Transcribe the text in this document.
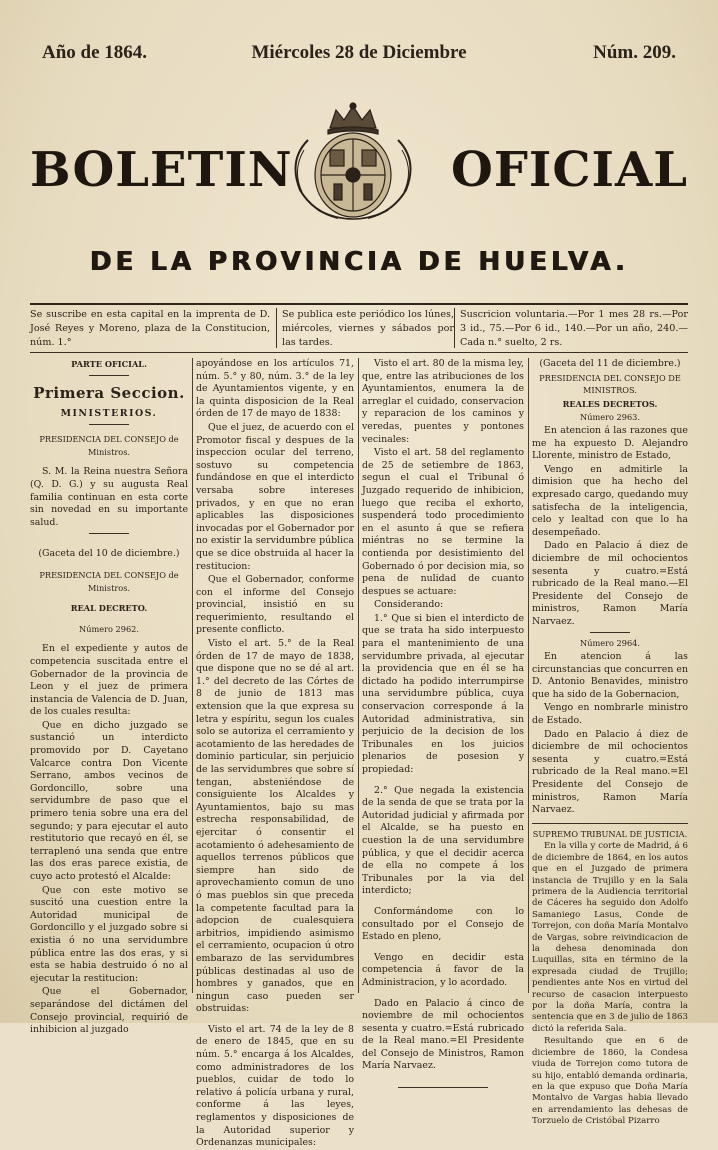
Año de 1864.	Miércoles 28 de Diciembre	Núm. 209.
BOLETIN	OFICIAL
DE LA PROVINCIA DE HUELVA.
Se suscribe en esta capital en la imprenta de D. José Reyes y Moreno, plaza de la Constitucion, núm. 1.°
Se publica este periódico los lúnes, miércoles, viernes y sábados por las tardes.
Suscricion voluntaria.—Por 1 mes 28 rs.—Por 3 id., 75.—Por 6 id., 140.—Por un año, 240.—Cada n.° suelto, 2 rs.

PARTE OFICIAL.

Primera Seccion.

MINISTERIOS.

PRESIDENCIA DEL CONSEJO de Ministros.

S. M. la Reina nuestra Señora (Q. D. G.) y su augusta Real familia continuan en esta corte sin novedad en su importante salud.

(Gaceta del 10 de diciembre.)

PRESIDENCIA DEL CONSEJO de Ministros.

REAL DECRETO.

Número 2962.

En el expediente y autos de competencia suscitada entre el Gobernador de la provincia de Leon y el juez de primera instancia de Valencia de D. Juan, de los cuales resulta:

Que en dicho juzgado se sustanció un interdicto promovido por D. Cayetano Valcarce contra Don Vicente Serrano, ambos vecinos de Gordoncillo, sobre una servidumbre de paso que el primero tenia sobre una era del segundo; y para ejecutar el auto restitutorio que recayó en él, se terraplenó una senda que entre las dos eras parece existia, de cuyo acto protestó el Alcalde:

Que con este motivo se suscitó una cuestion entre la Autoridad municipal de Gordoncillo y el juzgado sobre si existia ó no una servidumbre pública entre las dos eras, y si esta se habia destruido ó no al ejecutar la restitucion:

Que el Gobernador, separándose del dictámen del Consejo provincial, requirió de inhibicion al juzgado

apoyándose en los artículos 71, núm. 5.° y 80, núm. 3.° de la ley de Ayuntamientos vigente, y en la quinta disposicion de la Real órden de 17 de mayo de 1838:

Que el juez, de acuerdo con el Promotor fiscal y despues de la inspeccion ocular del terreno, sostuvo su competencia fundándose en que el interdicto versaba sobre intereses privados, y en que no eran aplicables las disposiciones invocadas por el Gobernador por no existir la servidumbre pública que se dice obstruida al hacer la restitucion:

Que el Gobernador, conforme con el informe del Consejo provincial, insistió en su requerimiento, resultando el presente conflicto.

Visto el art. 5.° de la Real órden de 17 de mayo de 1838, que dispone que no se dé al art. 1.° del decreto de las Córtes de 8 de junio de 1813 mas extension que la que expresa su letra y espíritu, segun los cuales solo se autoriza el cerramiento y acotamiento de las heredades de dominio particular, sin perjuicio de las servidumbres que sobre sí tengan, absteniéndose de consiguiente los Alcaldes y Ayuntamientos, bajo su mas estrecha responsabilidad, de ejercitar ó consentir el acotamiento ó adehesamiento de aquellos terrenos públicos que siempre han sido de aprovechamiento comun de uno ó mas pueblos sin que preceda la competente facultad para la adopcion de cualesquiera arbitrios, impidiendo asimismo el cerramiento, ocupacion ú otro embarazo de las servidumbres públicas destinadas al uso de hombres y ganados, que en ningun caso pueden ser obstruidas:

Visto el art. 74 de la ley de 8 de enero de 1845, que en su núm. 5.° encarga á los Alcaldes, como administradores de los pueblos, cuidar de todo lo relativo á policía urbana y rural, conforme á las leyes, reglamentos y disposiciones de la Autoridad superior y Ordenanzas municipales:

Visto el art. 80 de la misma ley, que, entre las atribuciones de los Ayuntamientos, enumera la de arreglar el cuidado, conservacion y reparacion de los caminos y veredas, puentes y pontones vecinales:

Visto el art. 58 del reglamento de 25 de setiembre de 1863, segun el cual el Tribunal ó Juzgado requerido de inhibicion, luego que reciba el exhorto, suspenderá todo procedimiento en el asunto á que se refiera miéntras no se termine la contienda por desistimiento del Gobernado ó por decision mia, so pena de nulidad de cuanto despues se actuare:

Considerando:

1.° Que si bien el interdicto de que se trata ha sido interpuesto para el mantenimiento de una servidumbre privada, al ejecutar la providencia que en él se ha dictado ha podido interrumpirse una servidumbre pública, cuya conservacion corresponde á la Autoridad administrativa, sin perjuicio de la decision de los Tribunales en los juicios plenarios de posesion y propiedad:

2.° Que negada la existencia de la senda de que se trata por la Autoridad judicial y afirmada por el Alcalde, se ha puesto en cuestion la de una servidumbre pública, y que el decidir acerca de ella no compete á los Tribunales por la via del interdicto;

Conformándome con lo consultado por el Consejo de Estado en pleno,

Vengo en decidir esta competencia á favor de la Administracion, y lo acordado.

Dado en Palacio á cinco de noviembre de mil ochocientos sesenta y cuatro.=Está rubricado de la Real mano.=El Presidente del Consejo de Ministros, Ramon María Narvaez.

(Gaceta del 11 de diciembre.)

PRESIDENCIA DEL CONSEJO DE MINISTROS.

REALES DECRETOS.

Número 2963.

En atencion á las razones que me ha expuesto D. Alejandro Llorente, ministro de Estado,

Vengo en admitirle la dimision que ha hecho del expresado cargo, quedando muy satisfecha de la inteligencia, celo y lealtad con que lo ha desempeñado.

Dado en Palacio á diez de diciembre de mil ochocientos sesenta y cuatro.=Está rubricado de la Real mano.—El Presidente del Consejo de ministros, Ramon María Narvaez.

Número 2964.

En atencion á las circunstancias que concurren en D. Antonio Benavides, ministro que ha sido de la Gobernacion,

Vengo en nombrarle ministro de Estado.

Dado en Palacio á diez de diciembre de mil ochocientos sesenta y cuatro.=Está rubricado de la Real mano.=El Presidente del Consejo de ministros, Ramon María Narvaez.

SUPREMO TRIBUNAL DE JUSTICIA.

En la villa y corte de Madrid, á 6 de diciembre de 1864, en los autos que en el Juzgado de primera instancia de Trujillo y en la Sala primera de la Audiencia territorial de Cáceres ha seguido don Adolfo Samaniego Lasus, Conde de Torrejon, con doña María Montalvo de Vargas, sobre reivindicacion de la dehesa denominada don Luquillas, sita en término de la expresada ciudad de Trujillo; pendientes ante Nos en virtud del recurso de casacion interpuesto por la doña María, contra la sentencia que en 3 de julio de 1863 dictó la referida Sala.

Resultando que en 6 de diciembre de 1860, la Condesa viuda de Torrejon como tutora de su hijo, entabló demanda ordinaria, en la que expuso que Doña María Montalvo de Vargas habia llevado en arrendamiento las dehesas de Torzuelo de Cristóbal Pizarro
